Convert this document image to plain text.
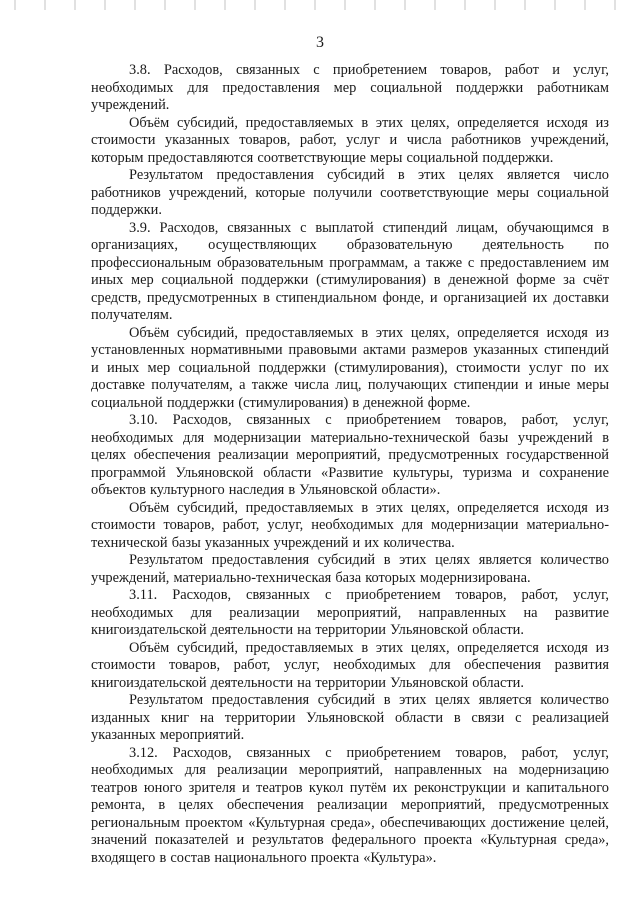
3

3.8. Расходов, связанных с приобретением товаров, работ и услуг, необходимых для предоставления мер социальной поддержки работникам учреждений.

Объём субсидий, предоставляемых в этих целях, определяется исходя из стоимости указанных товаров, работ, услуг и числа работников учреждений, которым предоставляются соответствующие меры социальной поддержки.

Результатом предоставления субсидий в этих целях является число работников учреждений, которые получили соответствующие меры социальной поддержки.

3.9. Расходов, связанных с выплатой стипендий лицам, обучающимся в организациях, осуществляющих образовательную деятельность по профессиональным образовательным программам, а также с предоставлением им иных мер социальной поддержки (стимулирования) в денежной форме за счёт средств, предусмотренных в стипендиальном фонде, и организацией их доставки получателям.

Объём субсидий, предоставляемых в этих целях, определяется исходя из установленных нормативными правовыми актами размеров указанных стипендий и иных мер социальной поддержки (стимулирования), стоимости услуг по их доставке получателям, а также числа лиц, получающих стипендии и иные меры социальной поддержки (стимулирования) в денежной форме.

3.10. Расходов, связанных с приобретением товаров, работ, услуг, необходимых для модернизации материально-технической базы учреждений в целях обеспечения реализации мероприятий, предусмотренных государственной программой Ульяновской области «Развитие культуры, туризма и сохранение объектов культурного наследия в Ульяновской области».

Объём субсидий, предоставляемых в этих целях, определяется исходя из стоимости товаров, работ, услуг, необходимых для модернизации материально-технической базы указанных учреждений и их количества.

Результатом предоставления субсидий в этих целях является количество учреждений, материально-техническая база которых модернизирована.

3.11. Расходов, связанных с приобретением товаров, работ, услуг, необходимых для реализации мероприятий, направленных на развитие книгоиздательской деятельности на территории Ульяновской области.

Объём субсидий, предоставляемых в этих целях, определяется исходя из стоимости товаров, работ, услуг, необходимых для обеспечения развития книгоиздательской деятельности на территории Ульяновской области.

Результатом предоставления субсидий в этих целях является количество изданных книг на территории Ульяновской области в связи с реализацией указанных мероприятий.

3.12. Расходов, связанных с приобретением товаров, работ, услуг, необходимых для реализации мероприятий, направленных на модернизацию театров юного зрителя и театров кукол путём их реконструкции и капитального ремонта, в целях обеспечения реализации мероприятий, предусмотренных региональным проектом «Культурная среда», обеспечивающих достижение целей, значений показателей и результатов федерального проекта «Культурная среда», входящего в состав национального проекта «Культура».
